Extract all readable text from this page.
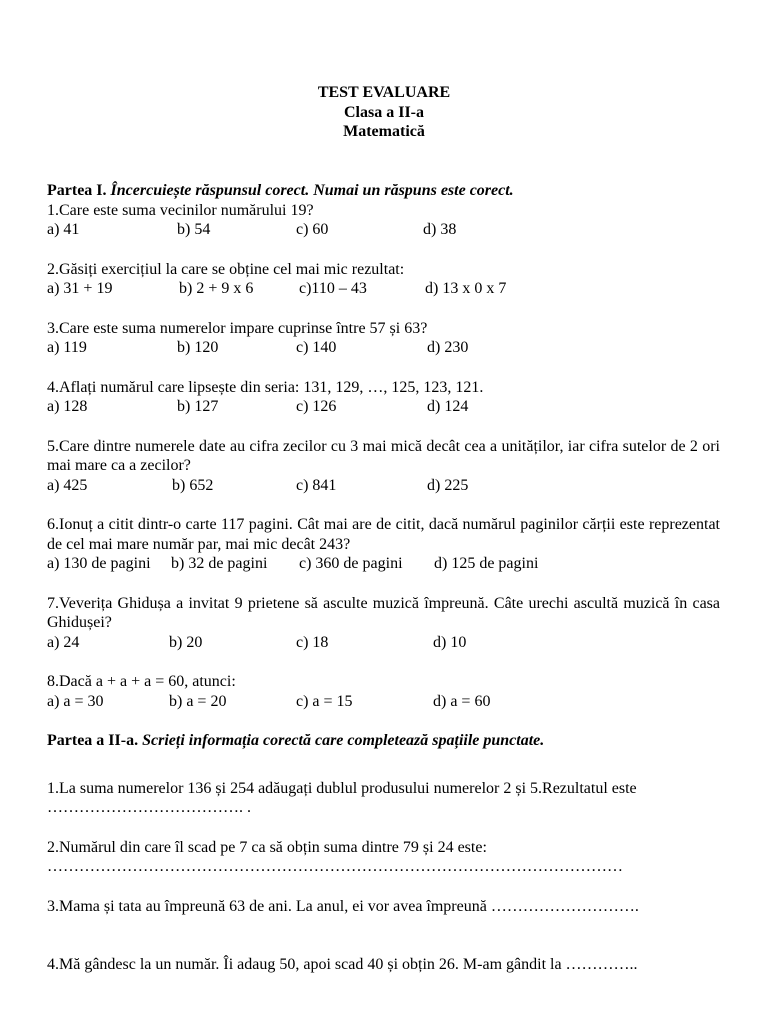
TEST EVALUARE
Clasa a II-a
Matematică
Partea I. Încercuiește răspunsul corect. Numai un răspuns este corect.
1.Care este suma vecinilor numărului 19?
a) 41	b) 54	c) 60	d) 38
2.Găsiți exercițiul la care se obține cel mai mic rezultat:
a) 31 + 19	b) 2 + 9 x 6	c)110 – 43	d) 13 x 0 x 7
3.Care este suma numerelor impare cuprinse între 57 și 63?
a) 119	b) 120	c) 140	d) 230
4.Aflați numărul care lipsește din seria: 131, 129, …, 125, 123, 121.
a) 128	b) 127	c) 126	d) 124
5.Care dintre numerele date au cifra zecilor cu 3 mai mică decât cea a unităților, iar cifra sutelor de 2 ori mai mare ca a zecilor?
a) 425	b) 652	c) 841	d) 225
6.Ionuț a citit dintr-o carte 117 pagini. Cât mai are de citit, dacă numărul paginilor cărții este reprezentat de cel mai mare număr par, mai mic decât 243?
a) 130 de pagini b) 32 de pagini c) 360 de pagini d) 125 de pagini
7.Veverița Ghidușa a invitat 9 prietene să asculte muzică împreună. Câte urechi ascultă muzică în casa Ghidușei?
a) 24	b) 20	c) 18	d) 10
8.Dacă a + a + a = 60, atunci:
a) a = 30	b) a = 20	c) a = 15	d) a = 60
Partea a II-a. Scrieți informația corectă care completează spațiile punctate.
1.La suma numerelor 136 și 254 adăugați dublul produsului numerelor 2 și 5.Rezultatul este
………………………………. .
2.Numărul din care îl scad pe 7 ca să obțin suma dintre 79 și 24 este:
………………………………………………………………………………………………
3.Mama și tata au împreună 63 de ani. La anul, ei vor avea împreună ……………………….
4.Mă gândesc la un număr. Îi adaug 50, apoi scad 40 și obțin 26. M-am gândit la …………..
